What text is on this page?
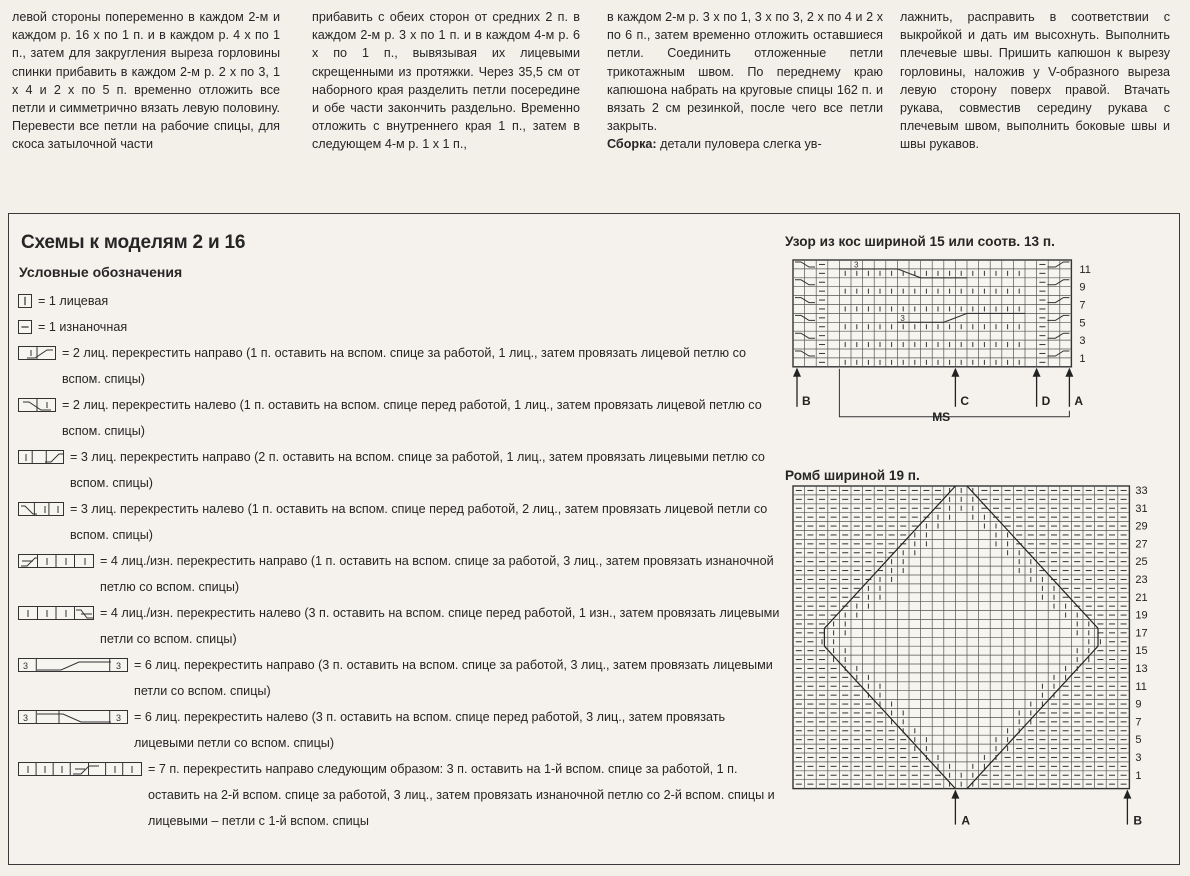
левой стороны попеременно в каждом 2-м и каждом р. 16 х по 1 п. и в каждом р. 4 х по 1 п., затем для закругления выреза горловины спинки прибавить в каждом 2-м р. 2 х по 3, 1 х 4 и 2 х по 5 п. временно отложить все петли и симметрично вязать левую половину. Перевести все петли на рабочие спицы, для скоса затылочной части
прибавить с обеих сторон от средних 2 п. в каждом 2-м р. 3 х по 1 п. и в каждом 4-м р. 6 х по 1 п., вывязывая их лицевыми скрещенными из протяжки. Через 35,5 см от наборного края разделить петли посередине и обе части закончить раздельно. Временно отложить с внутреннего края 1 п., затем в следующем 4-м р. 1 х 1 п.,
в каждом 2-м р. 3 х по 1, 3 х по 3, 2 х по 4 и 2 х по 6 п., затем временно отложить оставшиеся петли. Соединить отложенные петли трикотажным швом. По переднему краю капюшона набрать на круговые спицы 162 п. и вязать 2 см резинкой, после чего все петли закрыть.
Сборка: детали пуловера слегка ув-
лажнить, расправить в соответствии с выкройкой и дать им высохнуть. Выполнить плечевые швы. Пришить капюшон к вырезу горловины, наложив у V-образного выреза левую сторону поверх правой. Втачать рукава, совместив середину рукава с плечевым швом, выполнить боковые швы и швы рукавов.
Схемы к моделям 2 и 16
Условные обозначения
= 1 лицевая
= 1 изнаночная
= 2 лиц. перекрестить направо (1 п. оставить на вспом. спице за работой, 1 лиц., затем провязать лицевой петлю со вспом. спицы)
= 2 лиц. перекрестить налево (1 п. оставить на вспом. спице перед работой, 1 лиц., затем провязать лицевой петлю со вспом. спицы)
= 3 лиц. перекрестить направо (2 п. оставить на вспом. спице за работой, 1 лиц., затем провязать лицевыми петлю со вспом. спицы)
= 3 лиц. перекрестить налево (1 п. оставить на вспом. спице перед работой, 2 лиц., затем провязать лицевой петли со вспом. спицы)
= 4 лиц./изн. перекрестить направо (1 п. оставить на вспом. спице за работой, 3 лиц., затем провязать изнаночной петлю со вспом. спицы)
= 4 лиц./изн. перекрестить налево (3 п. оставить на вспом. спице перед работой, 1 изн., затем провязать лицевыми петли со вспом. спицы)
3	3 = 6 лиц. перекрестить направо (3 п. оставить на вспом. спице за работой, 3 лиц., затем провязать лицевыми петли со вспом. спицы)
3	3 = 6 лиц. перекрестить налево (3 п. оставить на вспом. спице перед работой, 3 лиц., затем провязать лицевыми петли со вспом. спицы)
= 7 п. перекрестить направо следующим образом: 3 п. оставить на 1-й вспом. спице за работой, 1 п. оставить на 2-й вспом. спице за работой, 3 лиц., затем провязать изнаночной петлю со 2-й вспом. спицы и лицевыми – петли с 1-й вспом. спицы
Узор из кос шириной 15 или соотв. 13 п.
3
3
11
9
7
5
3
1
B	C	D A
MS
Ромб шириной 19 п.
33
31
29
27
25
23
21
19
17
15
13
11
9
7
5
3
1
A	B
